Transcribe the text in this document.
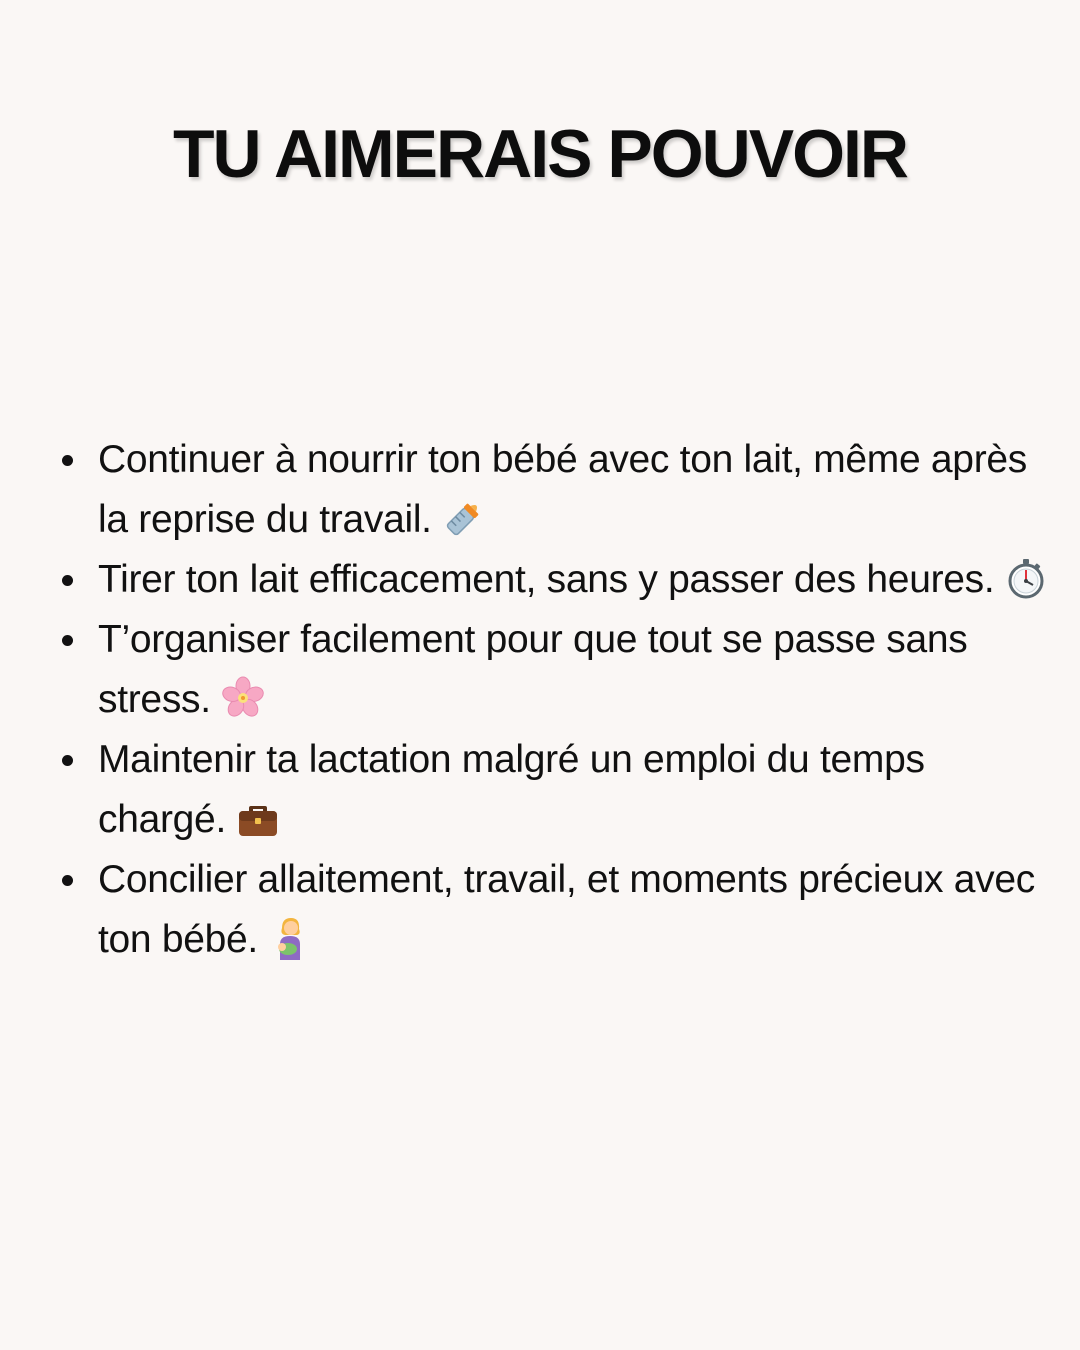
TU AIMERAIS POUVOIR
Continuer à nourrir ton bébé avec ton lait, même après la reprise du travail.
Tirer ton lait efficacement, sans y passer des heures.
T’organiser facilement pour que tout se passe sans stress.
Maintenir ta lactation malgré un emploi du temps chargé.
Concilier allaitement, travail, et moments précieux avec ton bébé.
